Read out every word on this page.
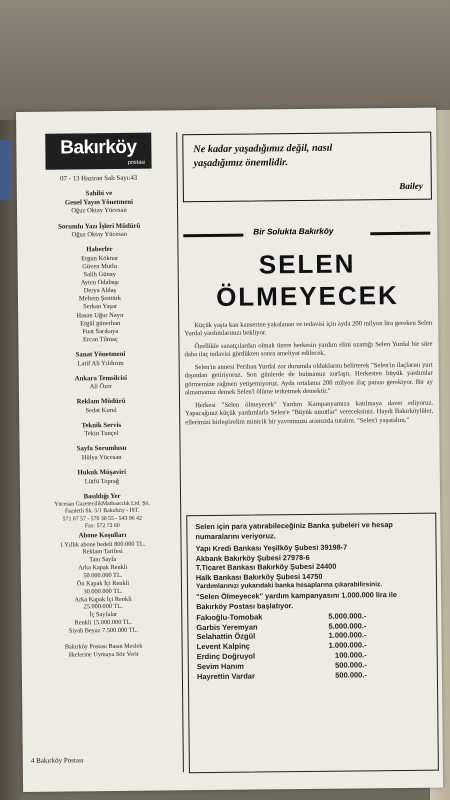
Bakırköy
postası
07 - 13 Haziran Salı Sayı:43
Sahibi ve
Genel Yayın Yönetmeni
Oğuz Oktay Yücesan
Sorumlu Yazı İşleri Müdürü
Oğuz Oktay Yücesan
Haberler
Ergun Köknar
Güven Mutlu
Salih Günay
Ayten Odabaşı
Derya Aldaş
Meltem Şentürk
Serkan Yaşar
Hasan Uğur Nayır
Ergül günerhan
Fuat Sarıkaya
Ercan Tilmaç
Sanat Yönetmeni
Latif Ali Yıldırım
Ankara Temsilcisi
Ali Özer
Reklam Müdürü
Sedat Kımıl
Teknik Servis
Tekin Tunçel
Sayfa Sorumlusu
Hülya Yücesan
Hukuk Müşaviri
Lütfü Toprağ
Basıldığı Yer
Yücesan GazetecilikMatbaacılık Ltd. Şti.
Fazıletli Sk. 5/1 Bakırköy - İST.
571 07 57 - 570 30 55 - 543 96 42
Fax: 572 72 60
Abone Koşulları
1 Yıllık abone bedeli 800.000 TL.
Reklam Tarifesi
Tam Sayfa
Arka Kapak Renkli
50.000.000 TL.
Ön Kapak İçi Renkli
30.000.000 TL.
Arka Kapak İçi Renkli
25.000.000 TL.
İç Sayfalar
Renkli 15.000.000 TL.
Siyah Beyaz 7.500.000 TL.
Bakırköy Postası Basın Meslek
ilkelerine Uymaya Söz Verir
4 Bakırköy Postası
Ne kadar yaşadığımız değil, nasıl
yaşadığımız önemlidir.
Bailey
Bir Solukta Bakırköy
SELEN
ÖLMEYECEK

Küçük yaşta kan kanserine yakalanan ve tedavisi için ayda 200 milyon lira gereken Selen Yurdal yardımlarınızı bekliyor.

Özellikle sanatçılardan olmak üzere herkesin yardım elini uzattığı Selen Yurdal bir süre daha ilaç tedavisi gördükten sonra ameliyat edilecek.

Selen'in annesi Perihan Yurdal zor durumda olduklarını belirterek "Selen'in ilaçlarını yurt dışından getiriyoruz. Son günlerde de bulmamız zorlaştı. Herkesten büyük yardımlar görmemize rağmen yetişemiyoruz. Ayda ortalama 200 milyon ilaç parası gerekiyor. Bir ay almamamız demek Selen'i ölüme terketmek demektir."

Herkesi "Selen ölmeyecek" Yardım Kampanyamıza katılmaya davet ediyoruz. Yapacağınız küçük yardımlarla Selen'e "Büyük umutlar" vereceksiniz. Haydi Bakırköylüler, ellerimizi birleştirelim minicik bir yavrumuzu aramızda tutalım. "Selen'i yaşatalım."

Selen için para yatırabileceğiniz Banka şubeleri ve hesap
numaralarını veriyoruz.
Yapı Kredi Bankası Yeşilköy Şubesi 39198-7
Akbank Bakırköy Şubesi 27978-6
T.Ticaret Bankası Bakırköy Şubesi 24400
Halk Bankası Bakırköy Şubesi 14750
Yardımlarınızı yukarıdaki banka hesaplarına çıkarabilirsiniz.
"Selen Ölmeyecek" yardım kampanyasını 1.000.000 lira ile
Bakırköy Postası başlatıyor.
Fakıoğlu-Tomobak	5.000.000.-
Garbis Yeremyan	5.000.000.-
Selahattin Özgül	1.000.000.-
Levent Kalpinç	1.000.000.-
Erdinç Doğruyol	100.000.-
Sevim Hanım	500.000.-
Hayrettin Vardar	500.000.-
